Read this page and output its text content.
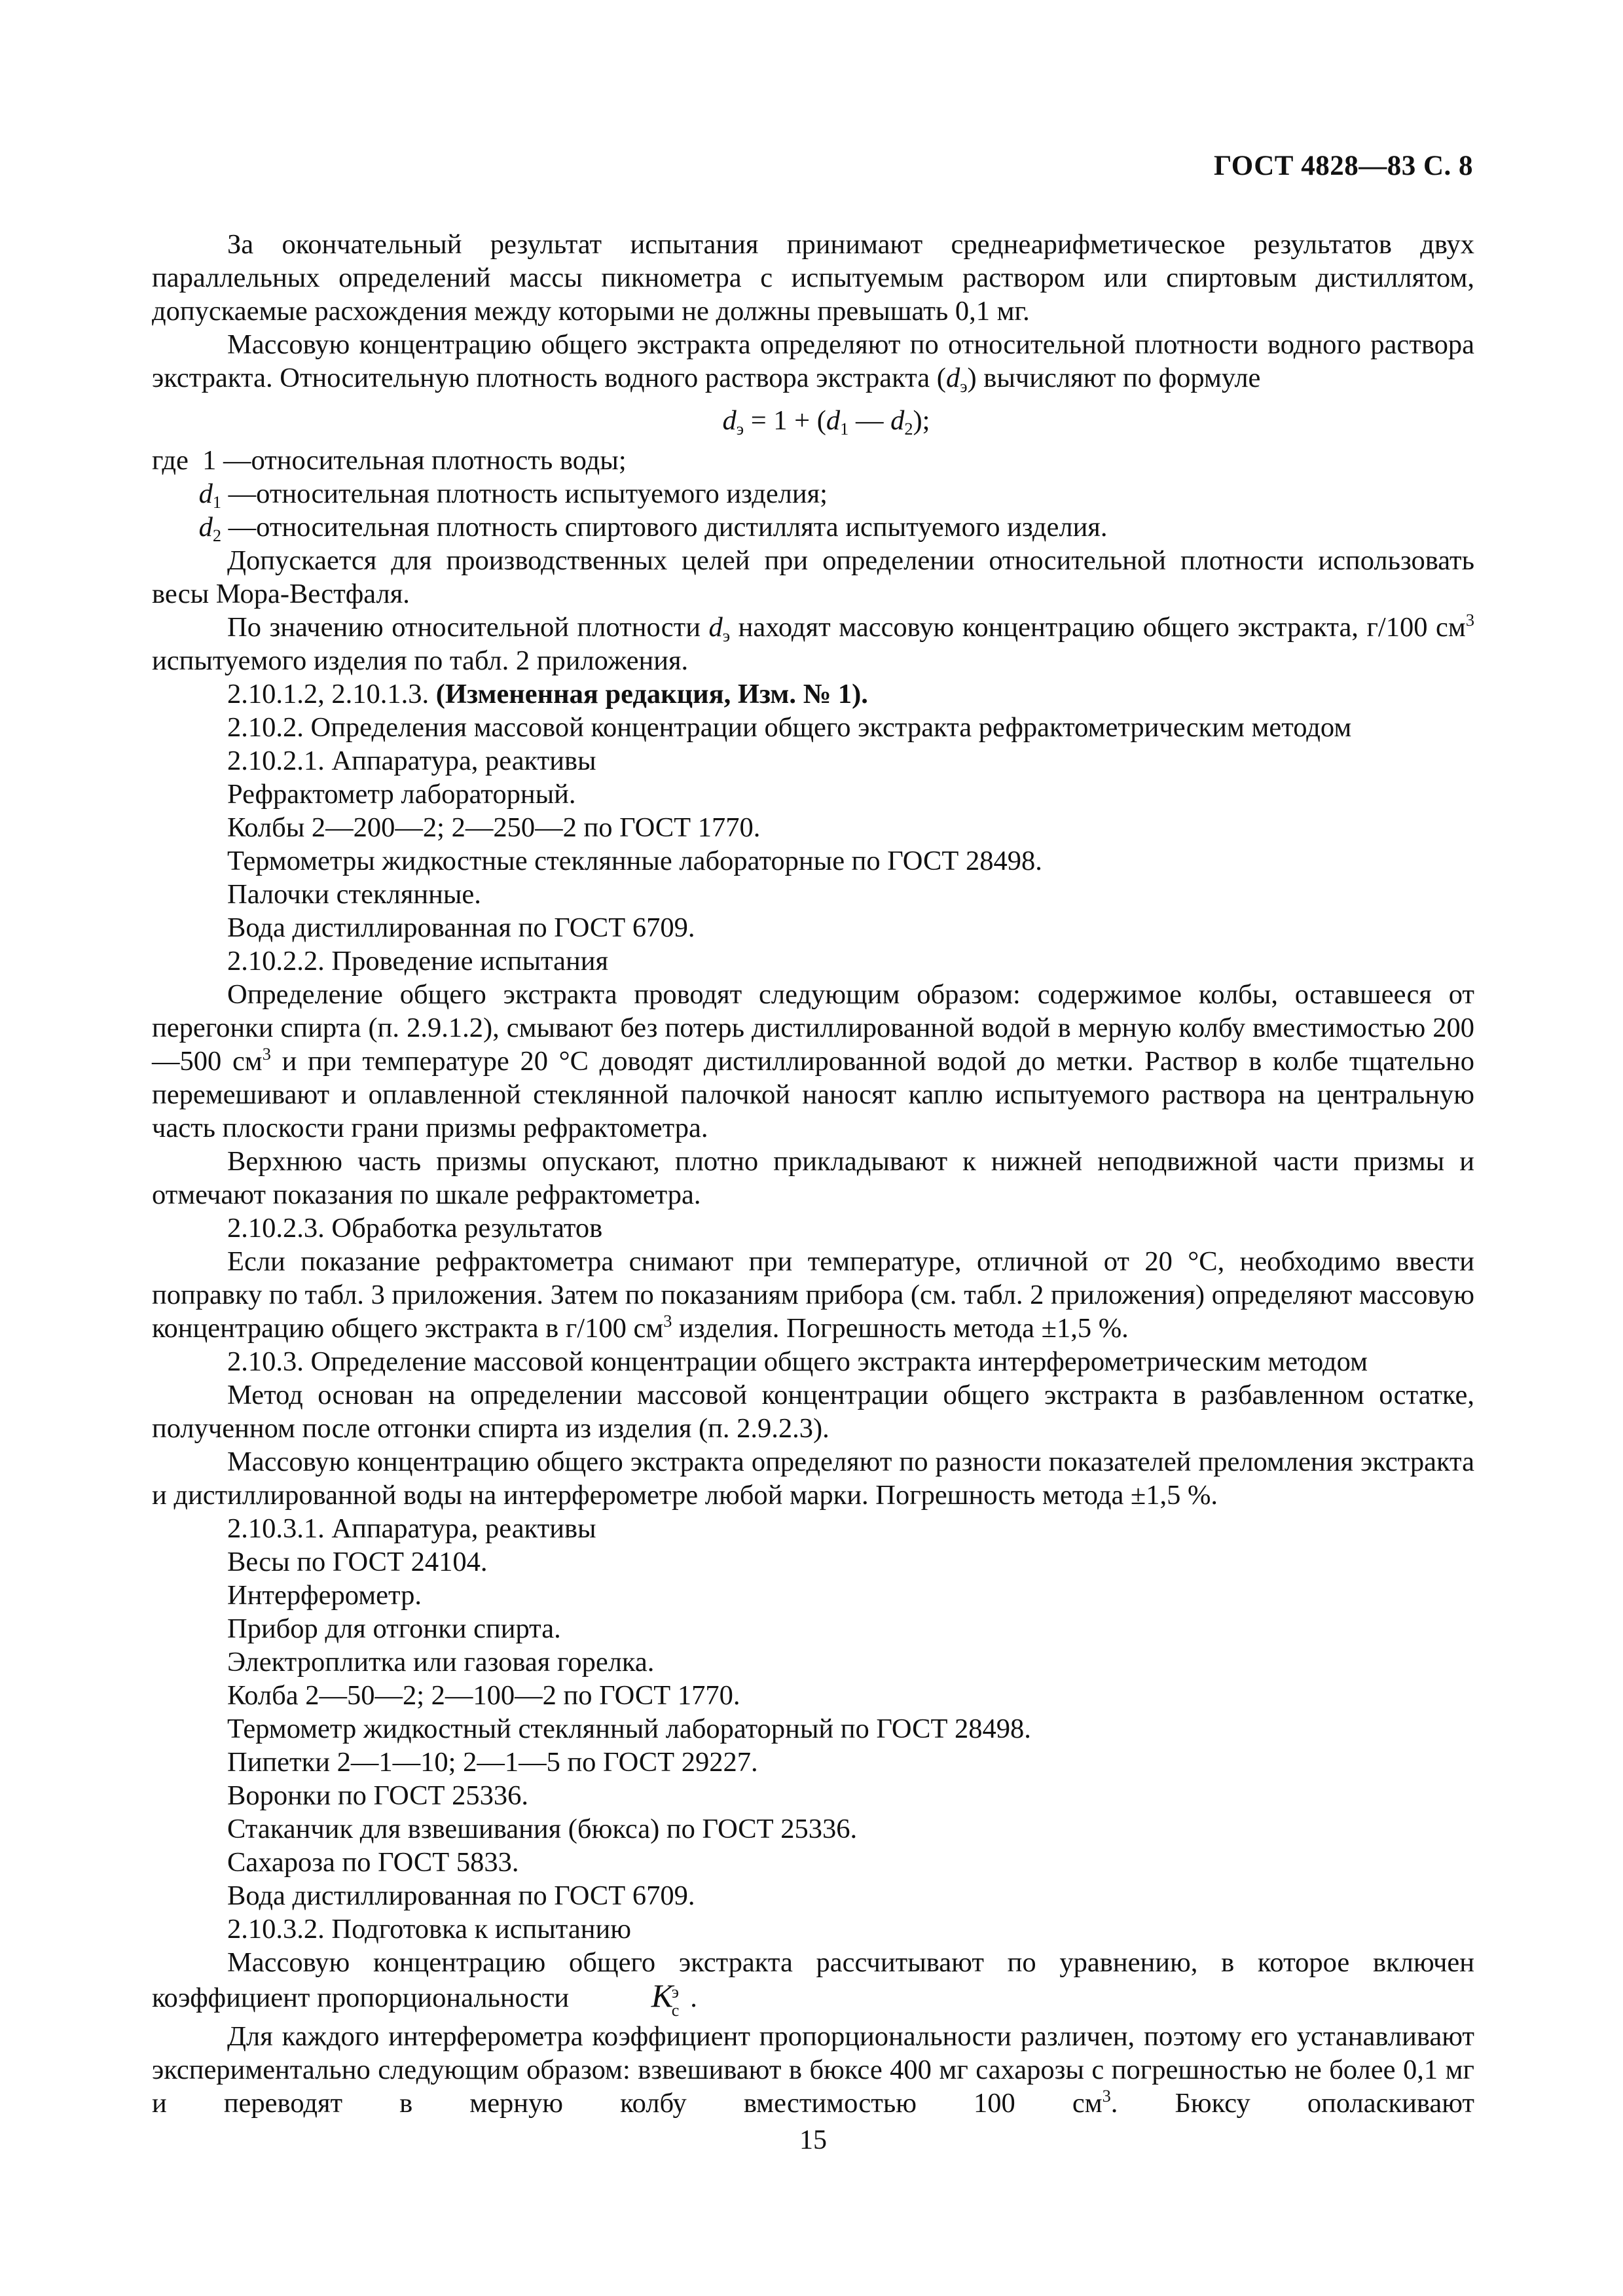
ГОСТ 4828—83 С. 8

За окончательный результат испытания принимают среднеарифметическое результатов двух параллельных определений массы пикнометра с испытуемым раствором или спиртовым дистиллятом, допускаемые расхождения между которыми не должны превышать 0,1 мг.

Массовую концентрацию общего экстракта определяют по относительной плотности водного раствора экстракта. Относительную плотность водного раствора экстракта $(d_э)$ вычисляют по формуле

$d_э = 1 + (d_1$ — $d_2$);
где 1 —относительная плотность воды;
$d_1$ —относительная плотность испытуемого изделия;
$d_2$ —относительная плотность спиртового дистиллята испытуемого изделия.

Допускается для производственных целей при определении относительной плотности использовать весы Мора-Вестфаля.

По значению относительной плотности $d_э$ находят массовую концентрацию общего экстракта, г/100 $см^3$ испытуемого изделия по табл. 2 приложения.

2.10.1.2, 2.10.1.3. (Измененная редакция, Изм. № 1).

2.10.2. Определения массовой концентрации общего экстракта рефрактометрическим методом

2.10.2.1. Аппаратура, реактивы

Рефрактометр лабораторный.

Колбы 2—200—2; 2—250—2 по ГОСТ 1770.

Термометры жидкостные стеклянные лабораторные по ГОСТ 28498.

Палочки стеклянные.

Вода дистиллированная по ГОСТ 6709.

2.10.2.2. Проведение испытания

Определение общего экстракта проводят следующим образом: содержимое колбы, оставшееся от перегонки спирта (п. 2.9.1.2), смывают без потерь дистиллированной водой в мерную колбу вместимостью 200—500 $см^3$ и при температуре 20 °С доводят дистиллированной водой до метки. Раствор в колбе тщательно перемешивают и оплавленной стеклянной палочкой наносят каплю испытуемого раствора на центральную часть плоскости грани призмы рефрактометра.

Верхнюю часть призмы опускают, плотно прикладывают к нижней неподвижной части призмы и отмечают показания по шкале рефрактометра.

2.10.2.3. Обработка результатов

Если показание рефрактометра снимают при температуре, отличной от 20 °С, необходимо ввести поправку по табл. 3 приложения. Затем по показаниям прибора (см. табл. 2 приложения) определяют массовую концентрацию общего экстракта в г/100 $см^3$ изделия. Погрешность метода ±1,5 %.

2.10.3. Определение массовой концентрации общего экстракта интерферометрическим методом

Метод основан на определении массовой концентрации общего экстракта в разбавленном остатке, полученном после отгонки спирта из изделия (п. 2.9.2.3).

Массовую концентрацию общего экстракта определяют по разности показателей преломления экстракта и дистиллированной воды на интерферометре любой марки. Погрешность метода ±1,5 %.

2.10.3.1. Аппаратура, реактивы

Весы по ГОСТ 24104.

Интерферометр.

Прибор для отгонки спирта.

Электроплитка или газовая горелка.

Колба 2—50—2; 2—100—2 по ГОСТ 1770.

Термометр жидкостный стеклянный лабораторный по ГОСТ 28498.

Пипетки 2—1—10; 2—1—5 по ГОСТ 29227.

Воронки по ГОСТ 25336.

Стаканчик для взвешивания (бюкса) по ГОСТ 25336.

Сахароза по ГОСТ 5833.

Вода дистиллированная по ГОСТ 6709.

2.10.3.2. Подготовка к испытанию

Массовую концентрацию общего экстракта рассчитывают по уравнению, в которое включен коэффициент пропорциональности K
э
с .

Для каждого интерферометра коэффициент пропорциональности различен, поэтому его устанавливают экспериментально следующим образом: взвешивают в бюксе 400 мг сахарозы с погрешностью не более 0,1 мг и переводят в мерную колбу вместимостью 100 $см^3$. Бюксу ополаскивают

15
